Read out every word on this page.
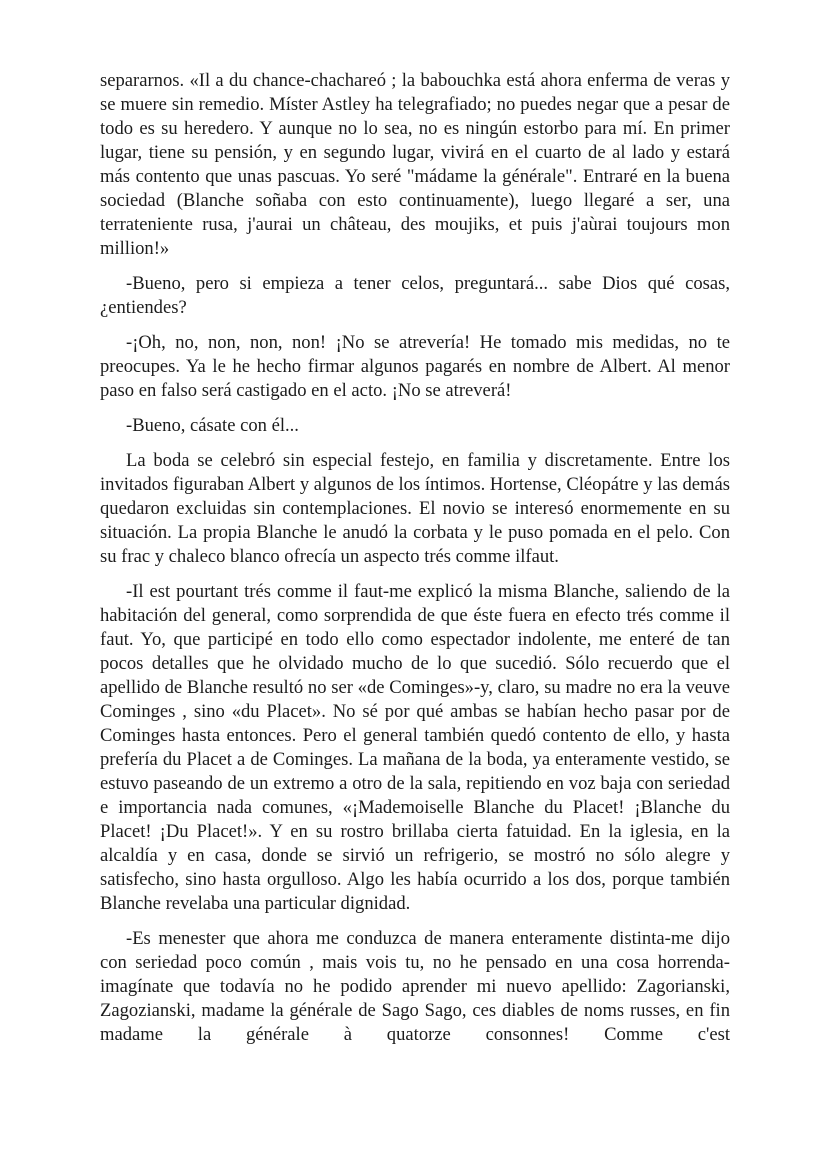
separarnos. «Il a du chance-chachareó ; la babouchka está ahora enferma de veras y se muere sin remedio. Míster Astley ha telegrafiado; no puedes negar que a pesar de todo es su heredero. Y aunque no lo sea, no es ningún estorbo para mí. En primer lugar, tiene su pensión, y en segundo lugar, vivirá en el cuarto de al lado y estará más contento que unas pascuas. Yo seré "mádame la générale". Entraré en la buena sociedad (Blanche soñaba con esto continuamente), luego llegaré a ser, una terrateniente rusa, j'aurai un château, des moujiks, et puis j'aùrai toujours mon million!»

-Bueno, pero si empieza a tener celos, preguntará... sabe Dios qué cosas, ¿entiendes?

-¡Oh, no, non, non, non! ¡No se atrevería! He tomado mis medidas, no te preocupes. Ya le he hecho firmar algunos pagarés en nombre de Albert. Al menor paso en falso será castigado en el acto. ¡No se atreverá!

-Bueno, cásate con él...

La boda se celebró sin especial festejo, en familia y discretamente. Entre los invitados figuraban Albert y algunos de los íntimos. Hortense, Cléopátre y las demás quedaron excluidas sin contemplaciones. El novio se interesó enormemente en su situación. La propia Blanche le anudó la corbata y le puso pomada en el pelo. Con su frac y chaleco blanco ofrecía un aspecto trés comme ilfaut.

-Il est pourtant trés comme il faut-me explicó la misma Blanche, saliendo de la habitación del general, como sorprendida de que éste fuera en efecto trés comme il faut. Yo, que participé en todo ello como espectador indolente, me enteré de tan pocos detalles que he olvidado mucho de lo que sucedió. Sólo recuerdo que el apellido de Blanche resultó no ser «de Cominges»-y, claro, su madre no era la veuve Cominges , sino «du Placet». No sé por qué ambas se habían hecho pasar por de Cominges hasta entonces. Pero el general también quedó contento de ello, y hasta prefería du Placet a de Cominges. La mañana de la boda, ya enteramente vestido, se estuvo paseando de un extremo a otro de la sala, repitiendo en voz baja con seriedad e importancia nada comunes, «¡Mademoiselle Blanche du Placet! ¡Blanche du Placet! ¡Du Placet!». Y en su rostro brillaba cierta fatuidad. En la iglesia, en la alcaldía y en casa, donde se sirvió un refrigerio, se mostró no sólo alegre y satisfecho, sino hasta orgulloso. Algo les había ocurrido a los dos, porque también Blanche revelaba una particular dignidad.

-Es menester que ahora me conduzca de manera enteramente distinta-me dijo con seriedad poco común , mais vois tu, no he pensado en una cosa horrenda-imagínate que todavía no he podido aprender mi nuevo apellido: Zagorianski, Zagozianski, madame la générale de Sago Sago, ces diables de noms russes, en fin madame la générale à quatorze consonnes! Comme c'est
